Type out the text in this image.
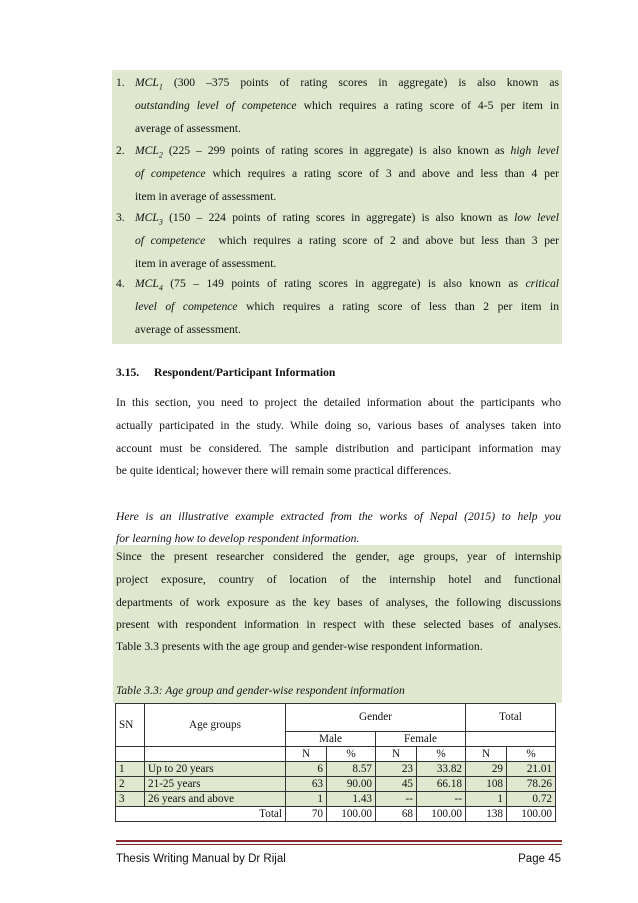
1. $MCL_1$ (300 –375 points of rating scores in aggregate) is also known as
outstanding level of competence which requires a rating score of 4-5 per item in
average of assessment.
2. $MCL_2$ (225 – 299 points of rating scores in aggregate) is also known as high level
of competence which requires a rating score of 3 and above and less than 4 per
item in average of assessment.
3. $MCL_3$ (150 – 224 points of rating scores in aggregate) is also known as low level
of competence which requires a rating score of 2 and above but less than 3 per
item in average of assessment.
4. $MCL_4$ (75 – 149 points of rating scores in aggregate) is also known as critical
level of competence which requires a rating score of less than 2 per item in
average of assessment.
3.15. Respondent/Participant Information
In this section, you need to project the detailed information about the participants who
actually participated in the study. While doing so, various bases of analyses taken into
account must be considered. The sample distribution and participant information may
be quite identical; however there will remain some practical differences.
Here is an illustrative example extracted from the works of Nepal (2015) to help you
for learning how to develop respondent information.
Since the present researcher considered the gender, age groups, year of internship
project exposure, country of location of the internship hotel and functional
departments of work exposure as the key bases of analyses, the following discussions
present with respondent information in respect with these selected bases of analyses.
Table 3.3 presents with the age group and gender-wise respondent information.
Table 3.3: Age group and gender-wise respondent information
SN	Age groups	Gender				Total	
		Male		Female			
		N	%	N	%	N	%
1	Up to 20 years	6	8.57	23	33.82	29	21.01
2	21-25 years	63	90.00	45	66.18	108	78.26
3	26 years and above	1	1.43	--	--	1	0.72
Total		70	100.00	68	100.00	138	100.00
Thesis Writing Manual by Dr Rijal	Page 45
